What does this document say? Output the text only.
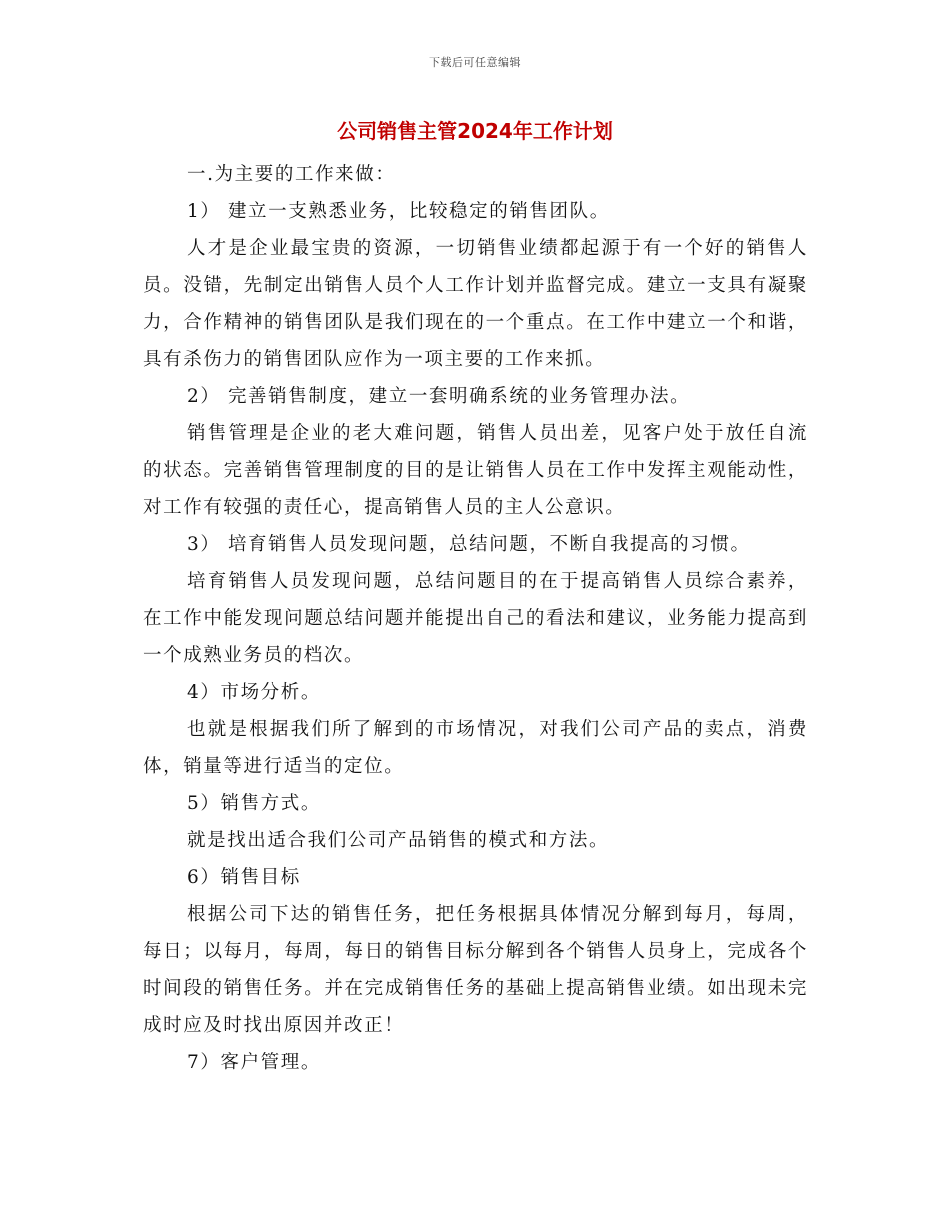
下载后可任意编辑
公司销售主管2024年工作计划

一.为主要的工作来做：

1） 建立一支熟悉业务，比较稳定的销售团队。

人才是企业最宝贵的资源，一切销售业绩都起源于有一个好的销售人员。没错，先制定出销售人员个人工作计划并监督完成。建立一支具有凝聚力，合作精神的销售团队是我们现在的一个重点。在工作中建立一个和谐，具有杀伤力的销售团队应作为一项主要的工作来抓。

2） 完善销售制度，建立一套明确系统的业务管理办法。

销售管理是企业的老大难问题，销售人员出差，见客户处于放任自流的状态。完善销售管理制度的目的是让销售人员在工作中发挥主观能动性，对工作有较强的责任心，提高销售人员的主人公意识。

3） 培育销售人员发现问题，总结问题，不断自我提高的习惯。

培育销售人员发现问题，总结问题目的在于提高销售人员综合素养，在工作中能发现问题总结问题并能提出自己的看法和建议，业务能力提高到一个成熟业务员的档次。

4）市场分析。

也就是根据我们所了解到的市场情况，对我们公司产品的卖点，消费体，销量等进行适当的定位。

5）销售方式。

就是找出适合我们公司产品销售的模式和方法。

6）销售目标

根据公司下达的销售任务，把任务根据具体情况分解到每月，每周，每日；以每月，每周，每日的销售目标分解到各个销售人员身上，完成各个时间段的销售任务。并在完成销售任务的基础上提高销售业绩。如出现未完成时应及时找出原因并改正！

7）客户管理。
